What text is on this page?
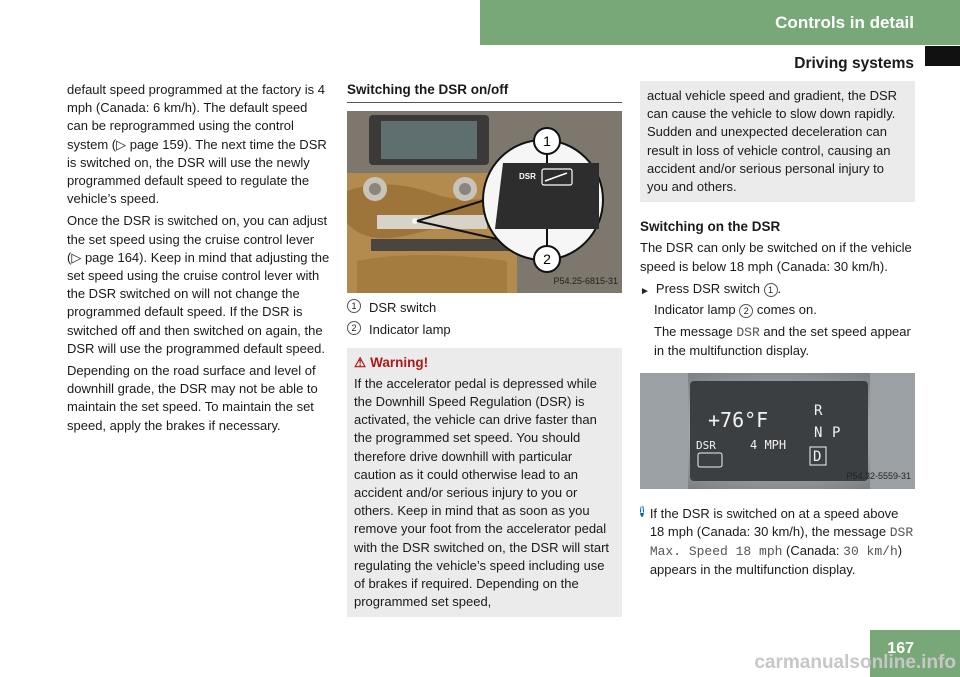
Controls in detail
Driving systems

default speed programmed at the factory is 4 mph (Canada: 6 km/h). The default speed can be reprogrammed using the control system (▷ page 159). The next time the DSR is switched on, the DSR will use the newly programmed default speed to regulate the vehicle’s speed.

Once the DSR is switched on, you can adjust the set speed using the cruise control lever (▷ page 164). Keep in mind that adjusting the set speed using the cruise control lever with the DSR switched on will not change the programmed default speed. If the DSR is switched off and then switched on again, the DSR will use the programmed default speed.

Depending on the road surface and level of downhill grade, the DSR may not be able to maintain the set speed. To maintain the set speed, apply the brakes if necessary.

Switching the DSR on/off
DSR
1
2
P54.25-6815-31
1 DSR switch
2 Indicator lamp
⚠ Warning!
If the accelerator pedal is depressed while the Downhill Speed Regulation (DSR) is activated, the vehicle can drive faster than the programmed set speed. You should therefore drive downhill with particular caution as it could otherwise lead to an accident and/or serious injury to you or others. Keep in mind that as soon as you remove your foot from the accelerator pedal with the DSR switched on, the DSR will start regulating the vehicle’s speed including use of brakes if required. Depending on the programmed set speed,
actual vehicle speed and gradient, the DSR can cause the vehicle to slow down rapidly. Sudden and unexpected deceleration can result in loss of vehicle control, causing an accident and/or serious personal injury to you and others.
Switching on the DSR

The DSR can only be switched on if the vehicle speed is below 18 mph (Canada: 30 km/h).

► Press DSR switch 1 .

Indicator lamp 2 comes on.

The message DSR and the set speed appear in the multifunction display.

+76°F
DSR	4 MPH
R
N P
D
P54.32-5559-31
i If the DSR is switched on at a speed above 18 mph (Canada: 30 km/h), the message DSR Max. Speed 18 mph (Canada: 30 km/h) appears in the multifunction display.
167
carmanualsonline.info
